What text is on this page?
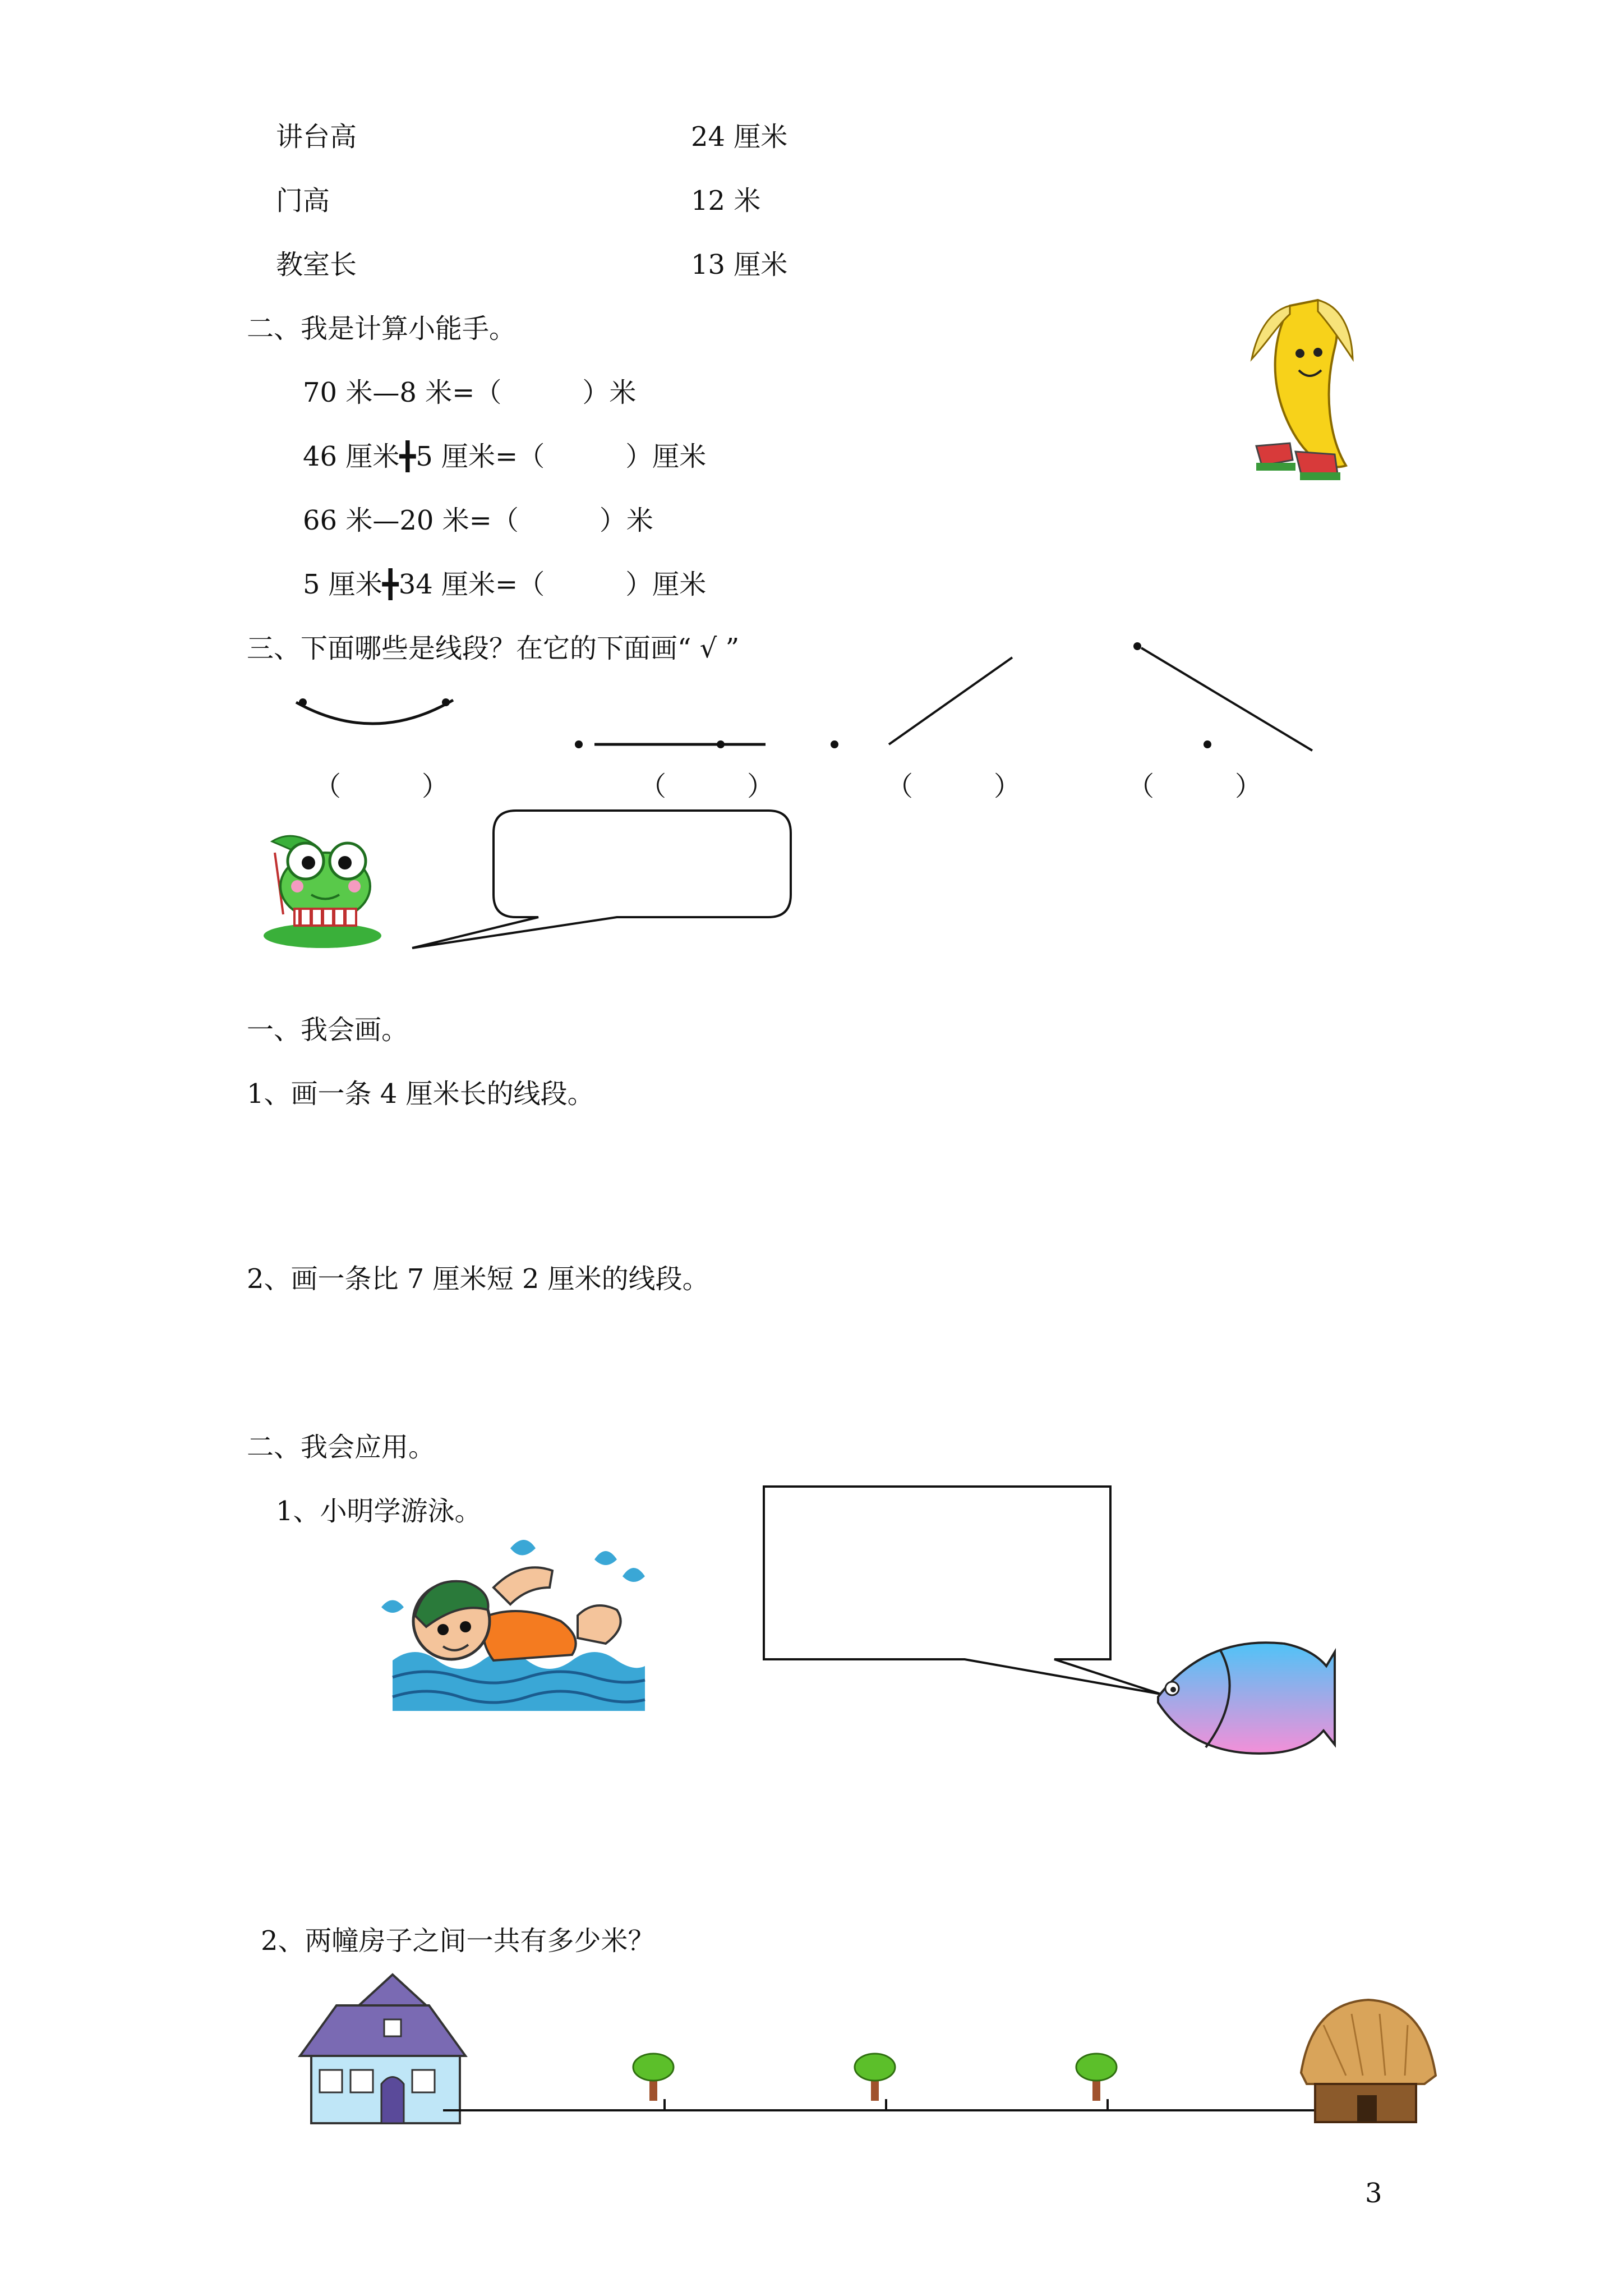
讲台高	24 厘米
门高	12 米
教室长	13 厘米
二、我是计算小能手。
70 米—8 米=（　　　）米
46 厘米╋5 厘米=（　　　）厘米
66 米—20 米=（　　　）米
5 厘米╋34 厘米=（　　　）厘米
三、下面哪些是线段？在它的下面画“ √ ”
（　　　）	（　　　）	（　　　）	（　　　）
一、我会画。
1、画一条 4 厘米长的线段。
2、画一条比 7 厘米短 2 厘米的线段。
二、我会应用。
1、小明学游泳。
2、两幢房子之间一共有多少米？
3
